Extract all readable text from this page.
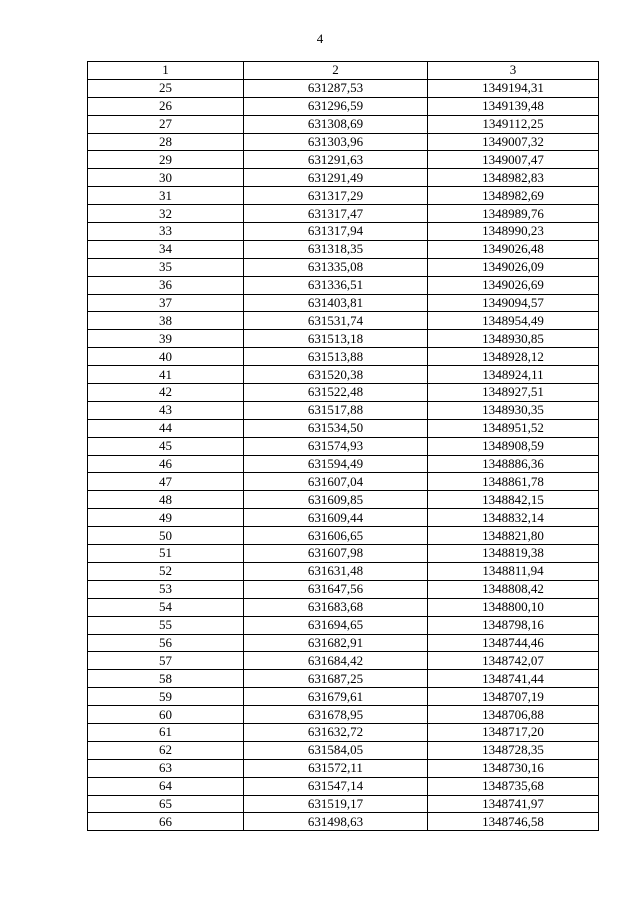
4
1	2	3
25	631287,53	1349194,31
26	631296,59	1349139,48
27	631308,69	1349112,25
28	631303,96	1349007,32
29	631291,63	1349007,47
30	631291,49	1348982,83
31	631317,29	1348982,69
32	631317,47	1348989,76
33	631317,94	1348990,23
34	631318,35	1349026,48
35	631335,08	1349026,09
36	631336,51	1349026,69
37	631403,81	1349094,57
38	631531,74	1348954,49
39	631513,18	1348930,85
40	631513,88	1348928,12
41	631520,38	1348924,11
42	631522,48	1348927,51
43	631517,88	1348930,35
44	631534,50	1348951,52
45	631574,93	1348908,59
46	631594,49	1348886,36
47	631607,04	1348861,78
48	631609,85	1348842,15
49	631609,44	1348832,14
50	631606,65	1348821,80
51	631607,98	1348819,38
52	631631,48	1348811,94
53	631647,56	1348808,42
54	631683,68	1348800,10
55	631694,65	1348798,16
56	631682,91	1348744,46
57	631684,42	1348742,07
58	631687,25	1348741,44
59	631679,61	1348707,19
60	631678,95	1348706,88
61	631632,72	1348717,20
62	631584,05	1348728,35
63	631572,11	1348730,16
64	631547,14	1348735,68
65	631519,17	1348741,97
66	631498,63	1348746,58
